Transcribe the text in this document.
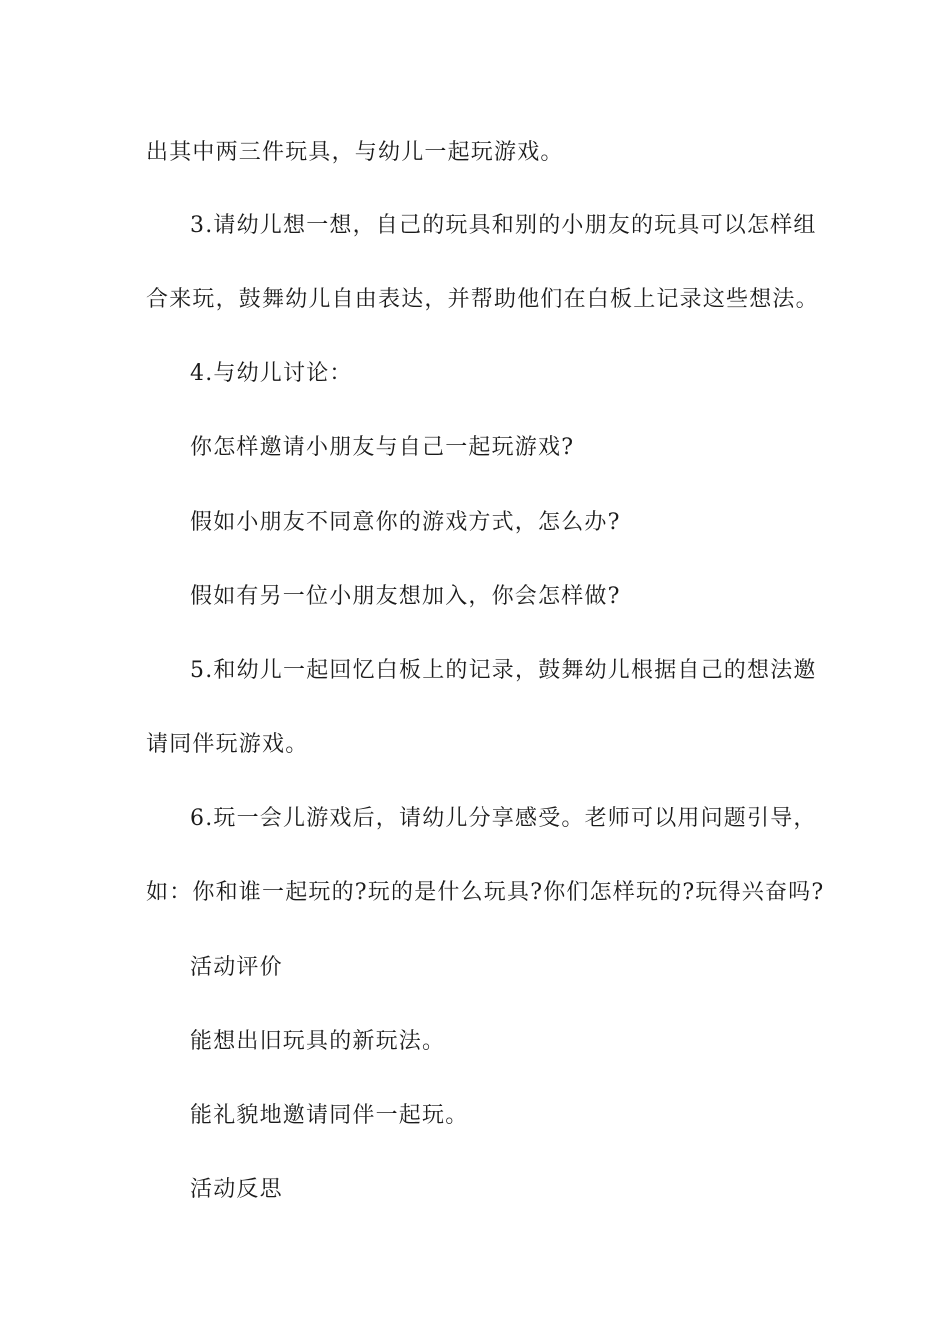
出其中两三件玩具，与幼儿一起玩游戏。
3.请幼儿想一想，自己的玩具和别的小朋友的玩具可以怎样组
合来玩，鼓舞幼儿自由表达，并帮助他们在白板上记录这些想法。
4.与幼儿讨论：
你怎样邀请小朋友与自己一起玩游戏?
假如小朋友不同意你的游戏方式，怎么办?
假如有另一位小朋友想加入，你会怎样做?
5.和幼儿一起回忆白板上的记录，鼓舞幼儿根据自己的想法邀
请同伴玩游戏。
6.玩一会儿游戏后，请幼儿分享感受。老师可以用问题引导，
如：你和谁一起玩的?玩的是什么玩具?你们怎样玩的?玩得兴奋吗?
活动评价
能想出旧玩具的新玩法。
能礼貌地邀请同伴一起玩。
活动反思
